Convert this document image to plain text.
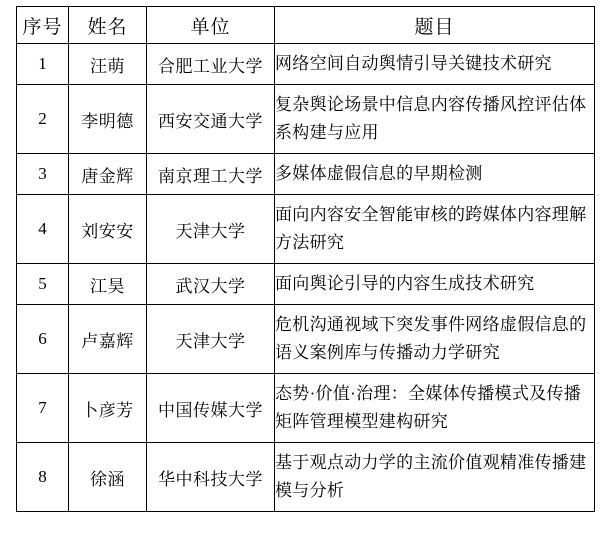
序号	姓名	单位	题目
1	汪萌	合肥工业大学	网络空间自动舆情引导关键技术研究
2	李明德	西安交通大学	复杂舆论场景中信息内容传播风控评估体系构建与应用
3	唐金辉	南京理工大学	多媒体虚假信息的早期检测
4	刘安安	天津大学	面向内容安全智能审核的跨媒体内容理解方法研究
5	江昊	武汉大学	面向舆论引导的内容生成技术研究
6	卢嘉辉	天津大学	危机沟通视域下突发事件网络虚假信息的语义案例库与传播动力学研究
7	卜彦芳	中国传媒大学	态势·价值·治理：全媒体传播模式及传播矩阵管理模型建构研究
8	徐涵	华中科技大学	基于观点动力学的主流价值观精准传播建模与分析
